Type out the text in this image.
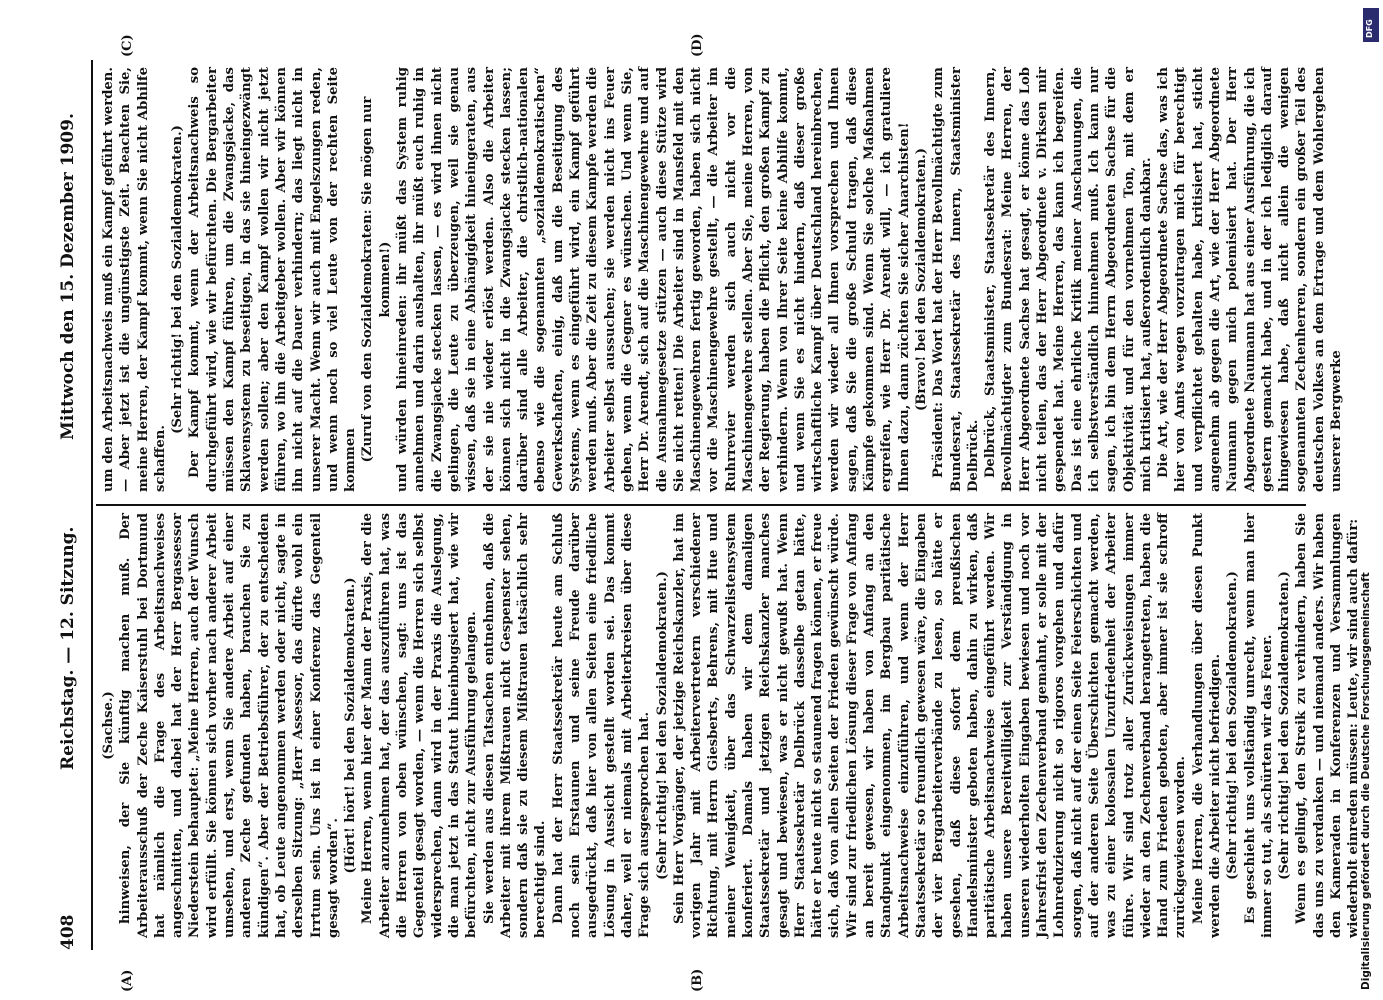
408
Reichstag. — 12. Sitzung.
Mittwoch den 15. Dezember 1909.
(A)	(B)
(C)	(D)

(Sachse.) hinweisen, der Sie künftig machen muß. Der Arbeiterausschuß der Zeche Kaiserstuhl bei Dortmund hat nämlich die Frage des Arbeitsnachweises angeschnitten, und dabei hat der Herr Bergassessor Niederstein behauptet: „Meine Herren, auch der Wunsch wird erfüllt. Sie können sich vorher nach anderer Arbeit umsehen, und erst, wenn Sie andere Arbeit auf einer anderen Zeche gefunden haben, brauchen Sie zu kündigen“. Aber der Betriebsführer, der zu entscheiden hat, ob Leute angenommen werden oder nicht, sagte in derselben Sitzung: „Herr Assessor, das dürfte wohl ein Irrtum sein. Uns ist in einer Konferenz das Gegenteil gesagt worden“.

(Hört! hört! bei den Sozialdemokraten.) Meine Herren, wenn hier der Mann der Praxis, der die Arbeiter anzunehmen hat, der das auszuführen hat, was die Herren von oben wünschen, sagt: uns ist das Gegenteil gesagt worden, — wenn die Herren sich selbst widersprechen, dann wird in der Praxis die Auslegung, die man jetzt in das Statut hineinbugsiert hat, wie wir befürchten, nicht zur Ausführung gelangen. Sie werden aus diesen Tatsachen entnehmen, daß die Arbeiter mit ihrem Mißtrauen nicht Gespenster sehen, sondern daß sie zu diesem Mißtrauen tatsächlich sehr berechtigt sind. Dann hat der Herr Staatssekretär heute am Schluß noch sein Erstaunen und seine Freude darüber ausgedrückt, daß hier von allen Seiten eine friedliche Lösung in Aussicht gestellt worden sei. Das kommt daher, weil er niemals mit Arbeiterkreisen über diese Frage sich ausgesprochen hat. (Sehr richtig! bei den Sozialdemokraten.) Sein Herr Vorgänger, der jetzige Reichskanzler, hat im vorigen Jahr mit Arbeitervertretern verschiedener Richtung, mit Herrn Giesberts, Behrens, mit Hue und meiner Wenigkeit, über das Schwarzelistensystem konferiert. Damals haben wir dem damaligen Staatssekretär und jetzigen Reichskanzler manches gesagt und bewiesen, was er nicht gewußt hat. Wenn Herr Staatssekretär Delbrück dasselbe getan hätte, hätte er heute nicht so staunend fragen können, er freue sich, daß von allen Seiten der Frieden gewünscht würde. Wir sind zur friedlichen Lösung dieser Frage von Anfang an bereit gewesen, wir haben von Anfang an den Standpunkt eingenommen, im Bergbau paritätische Arbeitsnachweise einzuführen, und wenn der Herr Staatssekretär so freundlich gewesen wäre, die Eingaben der vier Bergarbeiterverbände zu lesen, so hätte er gesehen, daß diese sofort dem preußischen Handelsminister geboten haben, dahin zu wirken, daß paritätische Arbeitsnachweise eingeführt werden. Wir haben unsere Bereitwilligkeit zur Verständigung in unseren wiederholten Eingaben bewiesen und noch vor Jahresfrist den Zechenverband gemahnt, er solle mit der Lohnreduzierung nicht so rigoros vorgehen und dafür sorgen, daß nicht auf der einen Seite Feierschichten und auf der anderen Seite Überschichten gemacht werden, was zu einer kolossalen Unzufriedenheit der Arbeiter führe. Wir sind trotz aller Zurückweisungen immer wieder an den Zechenverband herangetreten, haben die Hand zum Frieden geboten, aber immer ist sie schroff zurückgewiesen worden. Meine Herren, die Verhandlungen über diesen Punkt werden die Arbeiter nicht befriedigen. (Sehr richtig! bei den Sozialdemokraten.) Es geschieht uns vollständig unrecht, wenn man hier immer so tut, als schürten wir das Feuer. (Sehr richtig! bei den Sozialdemokraten.) Wenn es gelingt, den Streik zu verhindern, haben Sie das uns zu verdanken — und niemand anders. Wir haben den Kameraden in Konferenzen und Versammlungen wiederholt einreden müssen: Leute, wir sind auch dafür:

um den Arbeitsnachweis muß ein Kampf geführt werden. — Aber jetzt ist die ungünstigste Zeit. Beachten Sie, meine Herren, der Kampf kommt, wenn Sie nicht Abhilfe schaffen.

(Sehr richtig! bei den Sozialdemokraten.) Der Kampf kommt, wenn der Arbeitsnachweis so durchgeführt wird, wie wir befürchten. Die Bergarbeiter müssen den Kampf führen, um die Zwangsjacke, das Sklavensystem zu beseitigen, in das sie hineingezwängt werden sollen; aber den Kampf wollen wir nicht jetzt führen, wo ihn die Arbeitgeber wollen. Aber wir können ihn nicht auf die Dauer verhindern; das liegt nicht in unserer Macht. Wenn wir auch mit Engelszungen reden, und wenn noch so viel Leute von der rechten Seite kommen (Zuruf von den Sozialdemokraten: Sie mögen nur kommen!) und würden hineinreden: ihr müßt das System ruhig annehmen und darin aushalten, ihr müßt euch ruhig in die Zwangsjacke stecken lassen, — es wird ihnen nicht gelingen, die Leute zu überzeugen, weil sie genau wissen, daß sie in eine Abhängigkeit hineingeraten, aus der sie nie wieder erlöst werden. Also die Arbeiter können sich nicht in die Zwangsjacke stecken lassen; darüber sind alle Arbeiter, die christlich-nationalen ebenso wie die sogenannten „sozialdemokratischen“ Gewerkschaften, einig, daß um die Beseitigung des Systems, wenn es eingeführt wird, ein Kampf geführt werden muß. Aber die Zeit zu diesem Kampfe werden die Arbeiter selbst aussuchen; sie werden nicht ins Feuer gehen, wenn die Gegner es wünschen. Und wenn Sie, Herr Dr. Arendt, sich auf die Maschinengewehre und auf die Ausnahmegesetze stützen — auch diese Stütze wird Sie nicht retten! Die Arbeiter sind in Mansfeld mit den Maschinengewehren fertig geworden, haben sich nicht vor die Maschinengewehre gestellt, — die Arbeiter im Ruhrrevier werden sich auch nicht vor die Maschinengewehre stellen. Aber Sie, meine Herren, von der Regierung, haben die Pflicht, den großen Kampf zu verhindern. Wenn von Ihrer Seite keine Abhilfe kommt, und wenn Sie es nicht hindern, daß dieser große wirtschaftliche Kampf über Deutschland hereinbrechen, werden wir wieder all Ihnen vorsprechen und Ihnen sagen, daß Sie die große Schuld tragen, daß diese Kämpfe gekommen sind. Wenn Sie solche Maßnahmen ergreifen, wie Herr Dr. Arendt will, — ich gratuliere Ihnen dazu, dann züchten Sie sicher Anarchisten! (Bravo! bei den Sozialdemokraten.) Präsident: Das Wort hat der Herr Bevollmächtigte zum Bundesrat, Staatssekretär des Innern, Staatsminister Delbrück. Delbrück, Staatsminister, Staatssekretär des Innern, Bevollmächtigter zum Bundesrat: Meine Herren, der Herr Abgeordnete Sachse hat gesagt, er könne das Lob nicht teilen, das der Herr Abgeordnete v. Dirksen mir gespendet hat. Meine Herren, das kann ich begreifen. Das ist eine ehrliche Kritik meiner Anschauungen, die ich selbstverständlich hinnehmen muß. Ich kann nur sagen, ich bin dem Herrn Abgeordneten Sachse für die Objektivität und für den vornehmen Ton, mit dem er mich kritisiert hat, außerordentlich dankbar. Die Art, wie der Herr Abgeordnete Sachse das, was ich hier von Amts wegen vorzutragen mich für berechtigt und verpflichtet gehalten habe, kritisiert hat, sticht angenehm ab gegen die Art, wie der Herr Abgeordnete Naumann gegen mich polemisiert hat. Der Herr Abgeordnete Naumann hat aus einer Ausführung, die ich gestern gemacht habe, und in der ich lediglich darauf hingewiesen habe, daß nicht allein die wenigen sogenannten Zechenherren, sondern ein großer Teil des deutschen Volkes an dem Ertrage und dem Wohlergehen unserer Bergwerke

DFG
Digitalisierung gefördert durch die Deutsche Forschungsgemeinschaft
